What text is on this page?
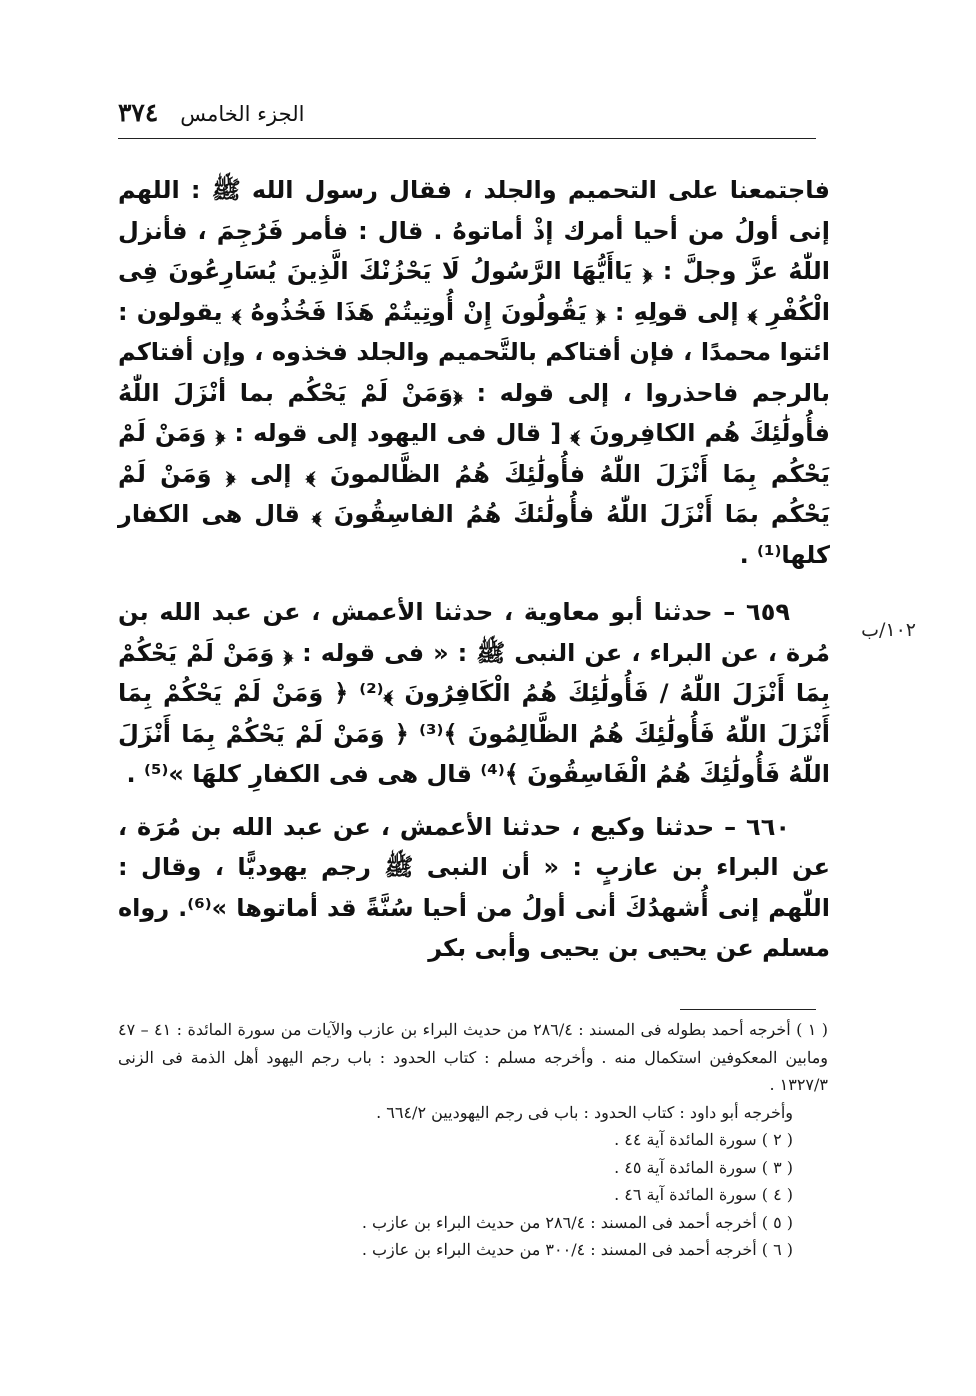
٣٧٤ الجزء الخامس
١٠٢/ب

فاجتمعنا على التحميم والجلد ، فقال رسول الله ﷺ : اللهم إنى أولُ من أحيا أمرك إذْ أماتوهُ . قال : فأمر فَرُجِمَ ، فأنزل اللّٰهُ عزَّ وجلَّ : ﴿ يَاأَيُّهَا الرَّسُولُ لَا يَحْزُنْكَ الَّذِينَ يُسَارِعُونَ فِى الْكُفْرِ ﴾ إلى قولِهِ : ﴿ يَقُولُونَ إِنْ أُوتِيتُمْ هَذَا فَخُذُوهُ ﴾ يقولون : ائتوا محمدًا ، فإن أفتاكم بالتَّحميم والجلد فخذوه ، وإن أفتاكم بالرجم فاحذروا ، إلى قوله : ﴿وَمَنْ لَمْ يَحْكُم بما أنْزَلَ اللّٰهُ فأُولَٰئِكَ هُم الكافِرونَ ﴾ [ قال فى اليهود إلى قوله : ﴿ وَمَنْ لَمْ يَحْكُم بِمَا أَنْزَلَ اللّٰهُ فأُولَٰئِكَ هُمُ الظَّالمونَ ﴾ إلى ﴿ وَمَنْ لَمْ يَحْكُم بمَا أَنْزَلَ اللّٰهُ فأُولَٰئكَ هُمُ الفاسِقُونَ ﴾ قال هى الكفار كلها⁽¹⁾ .

٦٥٩ – حدثنا أبو معاوية ، حدثنا الأعمش ، عن عبد الله بن مُرة ، عن البراء ، عن النبى ﷺ : « فى قوله : ﴿ وَمَنْ لَمْ يَحْكُمْ بِمَا أَنْزَلَ اللّٰهُ / فَأُولَٰئِكَ هُمُ الْكَافِرُونَ ﴾⁽²⁾ ﴿ وَمَنْ لَمْ يَحْكُمْ بِمَا أَنْزَلَ اللّٰهُ فَأُولَٰئِكَ هُمُ الظَّالِمُونَ ﴾⁽³⁾ ﴿ وَمَنْ لَمْ يَحْكُمْ بِمَا أَنْزَلَ اللّٰهُ فَأُولَٰئِكَ هُمُ الْفَاسِقُونَ ﴾⁽⁴⁾ قال هى فى الكفارِ كلهَا »⁽⁵⁾ .

٦٦٠ – حدثنا وكيع ، حدثنا الأعمش ، عن عبد الله بن مُرَة ، عن البراء بن عازبٍ : « أن النبى ﷺ رجم يهوديًّا ، وقال : اللّٰهم إنى أُشهدُكَ أنى أولُ من أحيا سُنَّةً قد أماتوها »⁽⁶⁾. رواه مسلم عن يحيى بن يحيى وأبى بكر

( ١ ) أخرجه أحمد بطوله فى المسند : ٢٨٦/٤ من حديث البراء بن عازب والآيات من سورة المائدة : ٤١ – ٤٧ ومابين المعكوفين استكمال منه . وأخرجه مسلم : كتاب الحدود : باب رجم اليهود أهل الذمة فى الزنى ١٣٢٧/٣ .

وأخرجه أبو داود : كتاب الحدود : باب فى رجم اليهوديين ٦٦٤/٢ .

( ٢ ) سورة المائدة آية ٤٤ .

( ٣ ) سورة المائدة آية ٤٥ .

( ٤ ) سورة المائدة آية ٤٦ .

( ٥ ) أخرجه أحمد فى المسند : ٢٨٦/٤ من حديث البراء بن عازب .

( ٦ ) أخرجه أحمد فى المسند : ٣٠٠/٤ من حديث البراء بن عازب .
